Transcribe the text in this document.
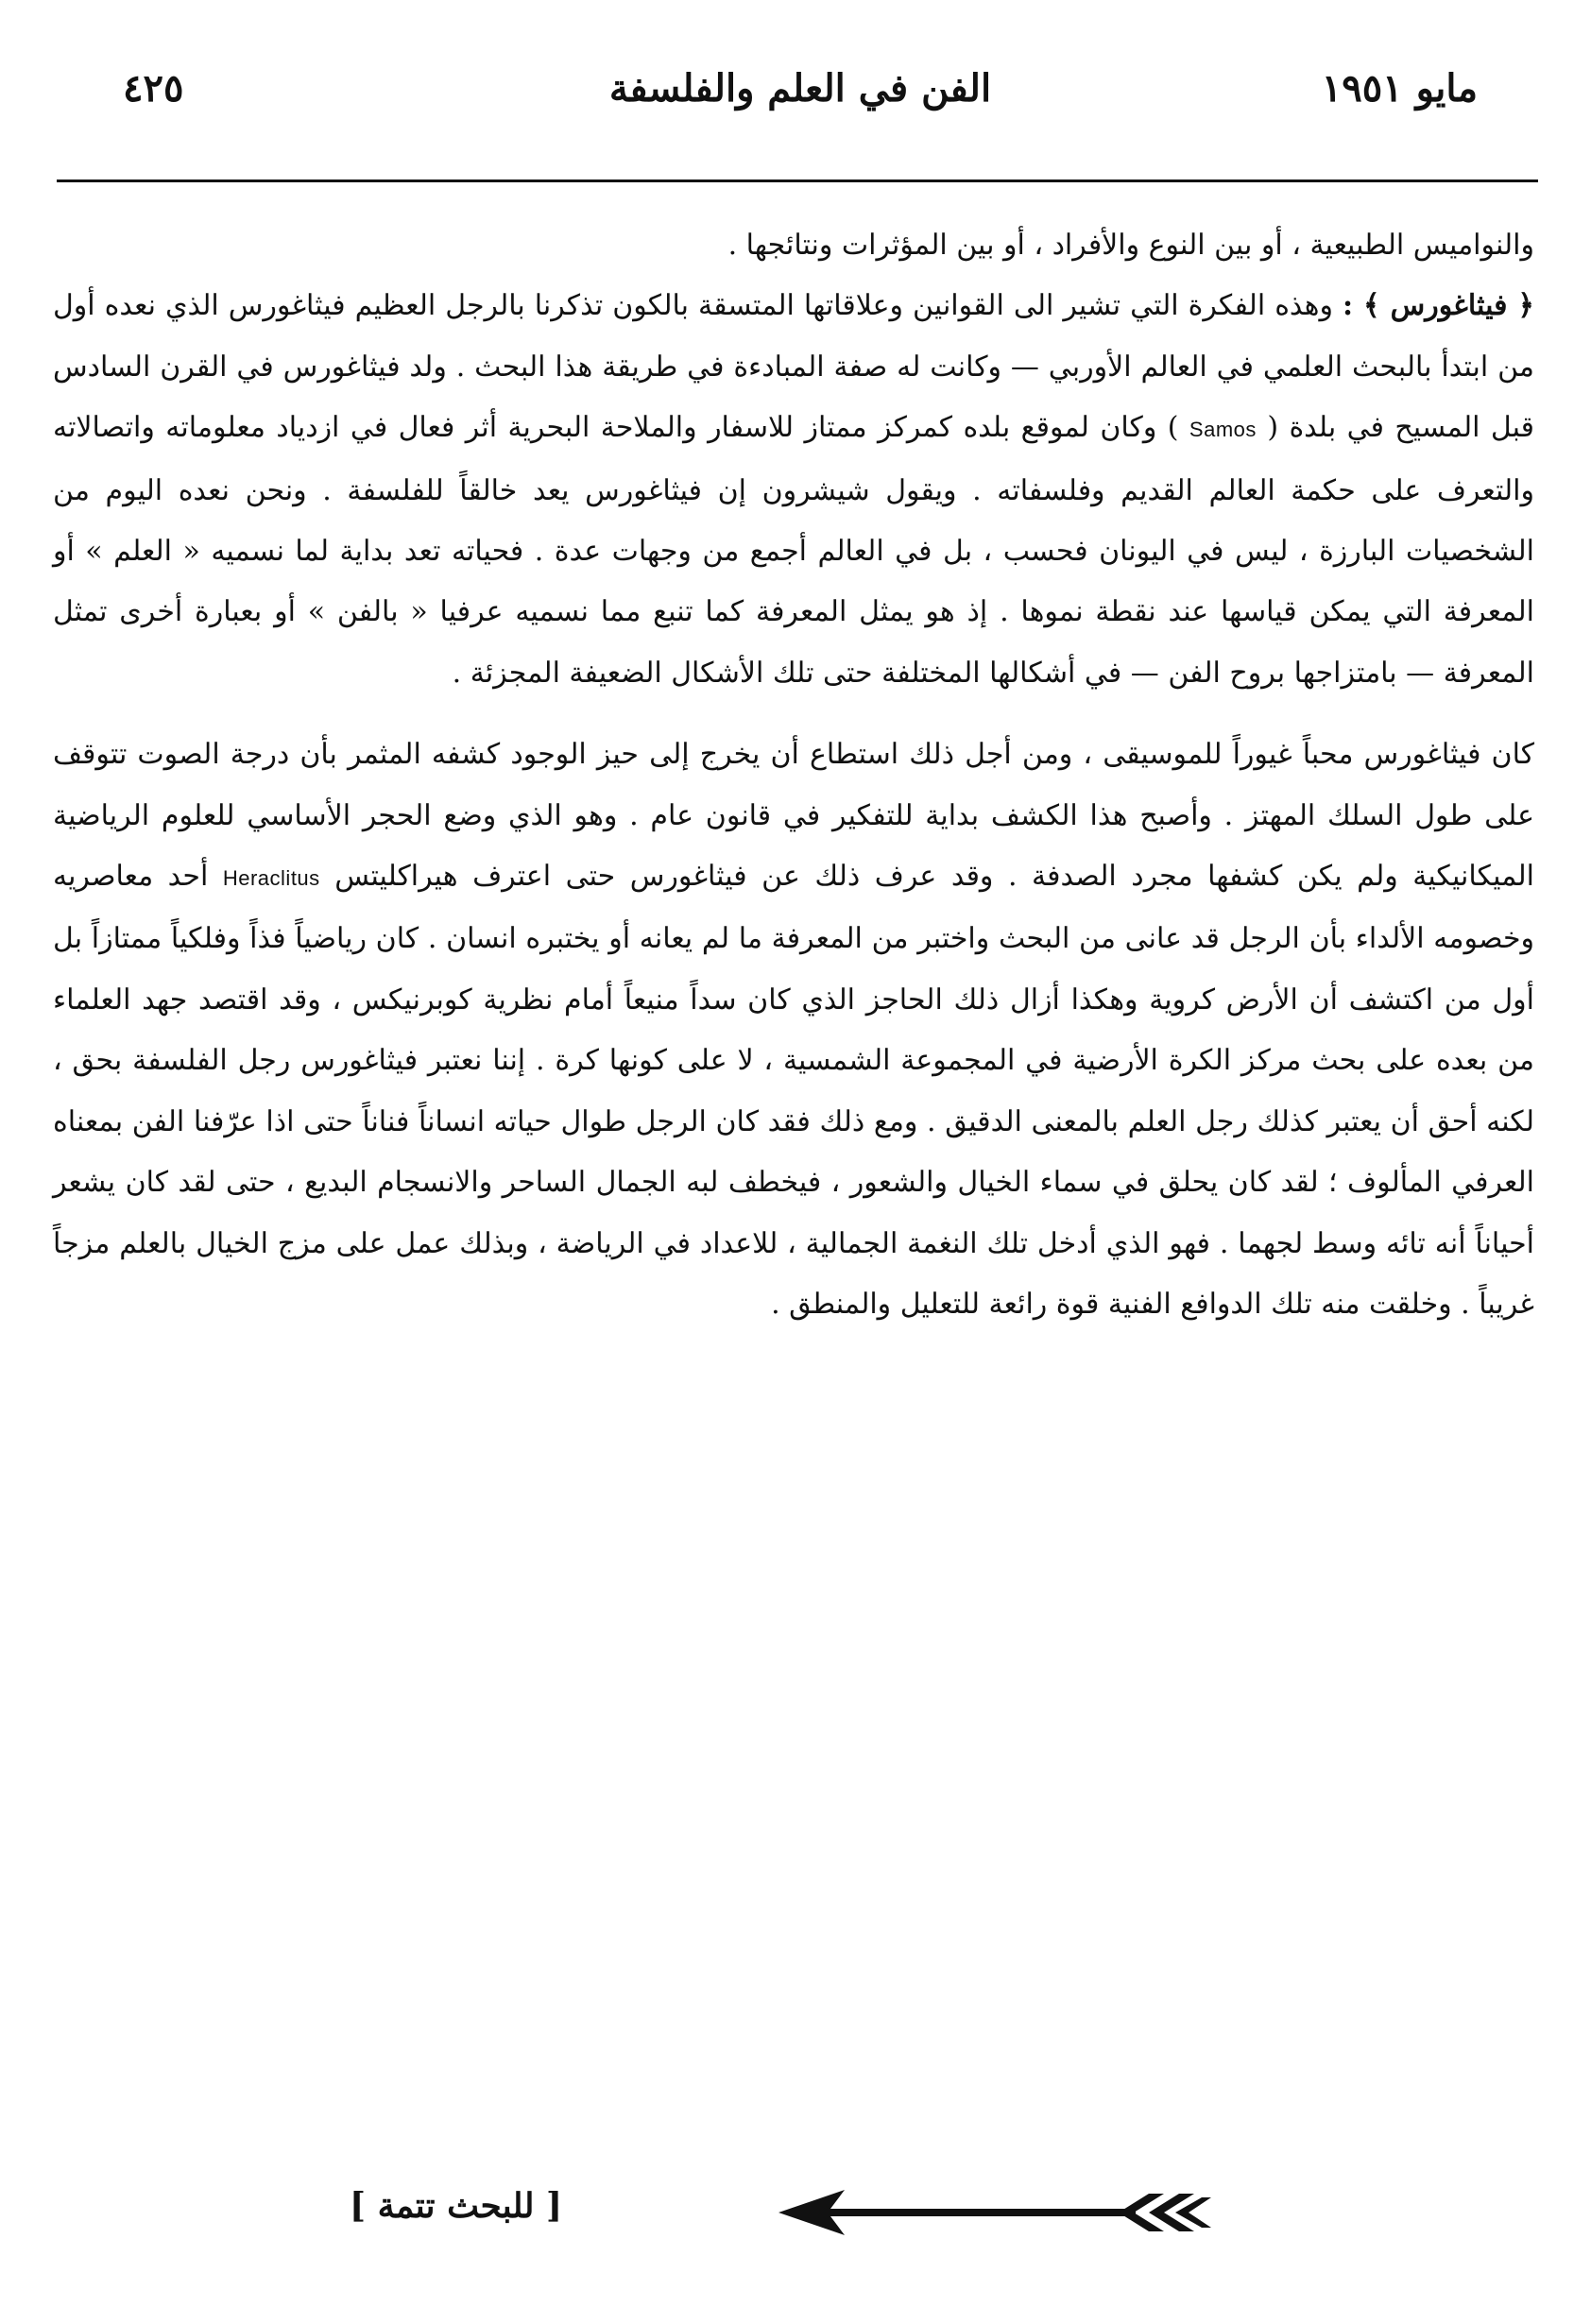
٤٢٥	الفن في العلم والفلسفة	مايو ١٩٥١

والنواميس الطبيعية ، أو بين النوع والأفراد ، أو بين المؤثرات ونتائجها .

﴿ فيثاغورس ﴾ : وهذه الفكرة التي تشير الى القوانين وعلاقاتها المتسقة بالكون تذكرنا بالرجل العظيم فيثاغورس الذي نعده أول من ابتدأ بالبحث العلمي في العالم الأوربي — وكانت له صفة المبادءة في طريقة هذا البحث . ولد فيثاغورس في القرن السادس قبل المسيح في بلدة ( Samos ) وكان لموقع بلده كمركز ممتاز للاسفار والملاحة البحرية أثر فعال في ازدياد معلوماته واتصالاته والتعرف على حكمة العالم القديم وفلسفاته . ويقول شيشرون إن فيثاغورس يعد خالقاً للفلسفة . ونحن نعده اليوم من الشخصيات البارزة ، ليس في اليونان فحسب ، بل في العالم أجمع من وجهات عدة . فحياته تعد بداية لما نسميه « العلم » أو المعرفة التي يمكن قياسها عند نقطة نموها . إذ هو يمثل المعرفة كما تنبع مما نسميه عرفيا « بالفن » أو بعبارة أخرى تمثل المعرفة — بامتزاجها بروح الفن — في أشكالها المختلفة حتى تلك الأشكال الضعيفة المجزئة .

كان فيثاغورس محباً غيوراً للموسيقى ، ومن أجل ذلك استطاع أن يخرج إلى حيز الوجود كشفه المثمر بأن درجة الصوت تتوقف على طول السلك المهتز . وأصبح هذا الكشف بداية للتفكير في قانون عام . وهو الذي وضع الحجر الأساسي للعلوم الرياضية الميكانيكية ولم يكن كشفها مجرد الصدفة . وقد عرف ذلك عن فيثاغورس حتى اعترف هيراكليتس Heraclitus أحد معاصريه وخصومه الألداء بأن الرجل قد عانى من البحث واختبر من المعرفة ما لم يعانه أو يختبره انسان . كان رياضياً فذاً وفلكياً ممتازاً بل أول من اكتشف أن الأرض كروية وهكذا أزال ذلك الحاجز الذي كان سداً منيعاً أمام نظرية كوبرنيكس ، وقد اقتصد جهد العلماء من بعده على بحث مركز الكرة الأرضية في المجموعة الشمسية ، لا على كونها كرة . إننا نعتبر فيثاغورس رجل الفلسفة بحق ، لكنه أحق أن يعتبر كذلك رجل العلم بالمعنى الدقيق . ومع ذلك فقد كان الرجل طوال حياته انساناً فناناً حتى اذا عرّفنا الفن بمعناه العرفي المألوف ؛ لقد كان يحلق في سماء الخيال والشعور ، فيخطف لبه الجمال الساحر والانسجام البديع ، حتى لقد كان يشعر أحياناً أنه تائه وسط لجهما . فهو الذي أدخل تلك النغمة الجمالية ، للاعداد في الرياضة ، وبذلك عمل على مزج الخيال بالعلم مزجاً غريباً . وخلقت منه تلك الدوافع الفنية قوة رائعة للتعليل والمنطق .

[ للبحث تتمة ]
